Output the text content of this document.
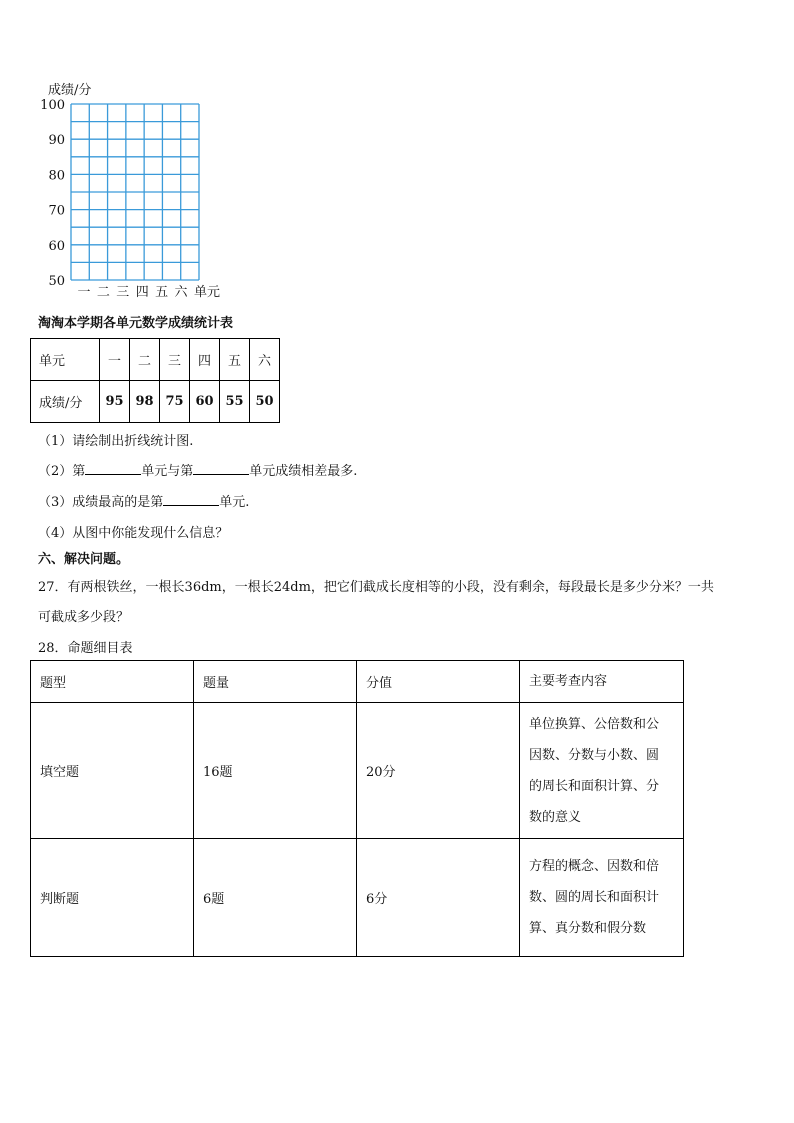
成绩/分
100
90
80
70
60
50
一 二 三 四 五 六 单元
淘淘本学期各单元数学成绩统计表
单元	一	二	三	四	五	六
成绩/分	95	98	75	60	55	50
（1）请绘制出折线统计图.
（2）第	单元与第	单元成绩相差最多.
（3）成绩最高的是第	单元.
（4）从图中你能发现什么信息？
六、解决问题。
27．有两根铁丝，一根长36dm，一根长24dm，把它们截成长度相等的小段，没有剩余，每段最长是多少分米？一共
可截成多少段？
28．命题细目表
题型	题量	分值	主要考查内容
填空题	16题	20分	单位换算、公倍数和公
因数、分数与小数、圆
的周长和面积计算、分
数的意义

判断题	6题	6分	方程的概念、因数和倍
数、圆的周长和面积计
算、真分数和假分数
